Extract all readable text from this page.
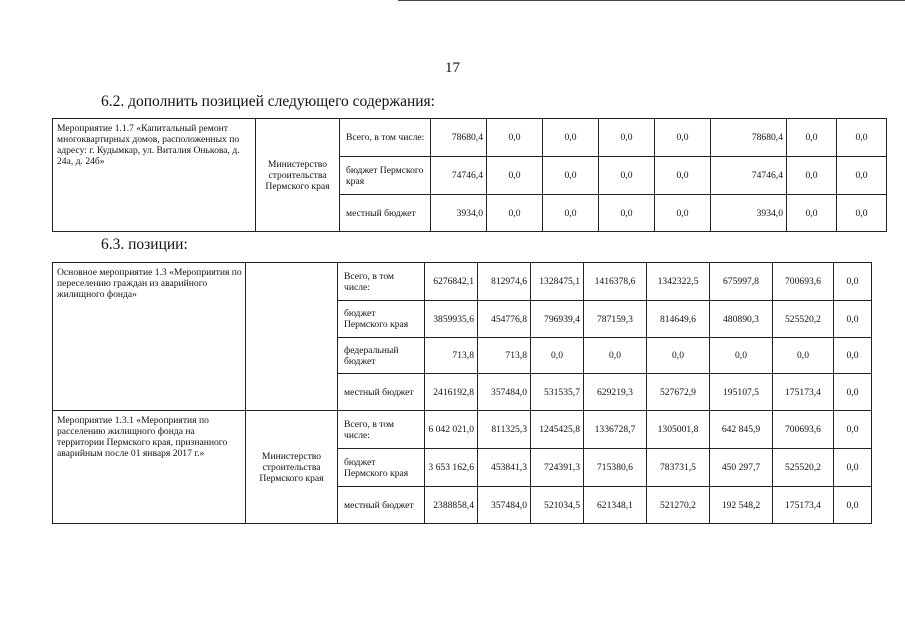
17
6.2. дополнить позицией следующего содержания:
Мероприятие 1.1.7 «Капитальный ремонт многоквартирных домов, расположенных по адресу: г. Кудымкар, ул. Виталия Онькова, д. 24а, д. 24б»	Министерство строительства Пермского края	Всего, в том числе:	78680,4	0,0	0,0	0,0	0,0	78680,4	0,0	0,0
		бюджет Пермского края	74746,4	0,0	0,0	0,0	0,0	74746,4	0,0	0,0
		местный бюджет	3934,0	0,0	0,0	0,0	0,0	3934,0	0,0	0,0
6.3. позиции:
Основное мероприятие 1.3 «Мероприятия по переселению граждан из аварийного жилищного фонда»		Всего, в том числе:	6276842,1	812974,6	1328475,1	1416378,6	1342322,5	675997,8	700693,6	0,0
		бюджет Пермского края	3859935,6	454776,8	796939,4	787159,3	814649,6	480890,3	525520,2	0,0
		федеральный бюджет	713,8	713,8	0,0	0,0	0,0	0,0	0,0	0,0
		местный бюджет	2416192,8	357484,0	531535,7	629219,3	527672,9	195107,5	175173,4	0,0
Мероприятие 1.3.1 «Мероприятия по расселению жилищного фонда на территории Пермского края, признанного аварийным после 01 января 2017 г.»	Министерство строительства Пермского края	Всего, в том числе:	6 042 021,0	811325,3	1245425,8	1336728,7	1305001,8	642 845,9	700693,6	0,0
		бюджет Пермского края	3 653 162,6	453841,3	724391,3	715380,6	783731,5	450 297,7	525520,2	0,0
		местный бюджет	2388858,4	357484,0	521034,5	621348,1	521270,2	192 548,2	175173,4	0,0
